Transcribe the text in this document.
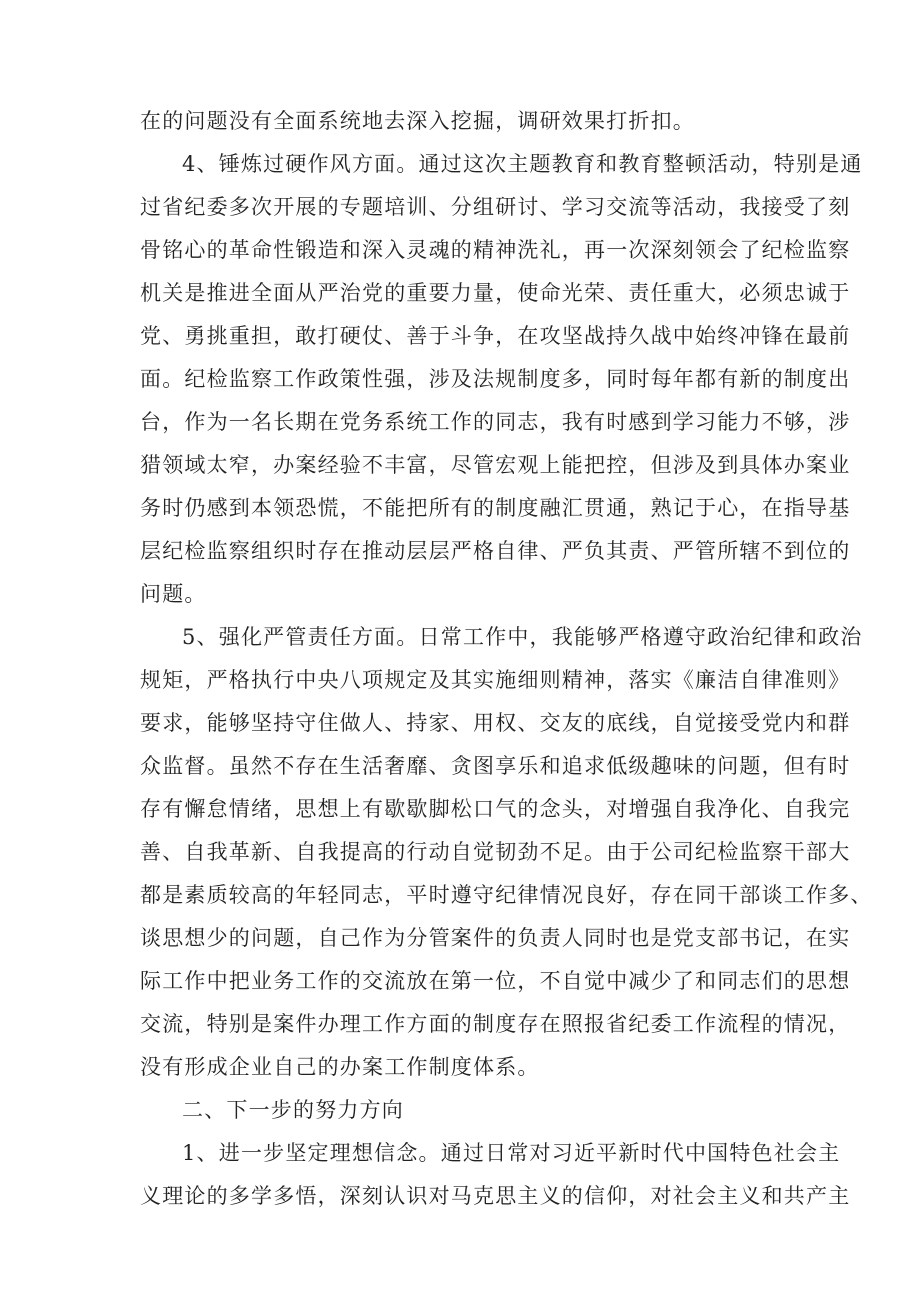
在的问题没有全面系统地去深入挖掘，调研效果打折扣。
4、锤炼过硬作风方面。通过这次主题教育和教育整顿活动，特别是通
过省纪委多次开展的专题培训、分组研讨、学习交流等活动，我接受了刻
骨铭心的革命性锻造和深入灵魂的精神洗礼，再一次深刻领会了纪检监察
机关是推进全面从严治党的重要力量，使命光荣、责任重大，必须忠诚于
党、勇挑重担，敢打硬仗、善于斗争，在攻坚战持久战中始终冲锋在最前
面。纪检监察工作政策性强，涉及法规制度多，同时每年都有新的制度出
台，作为一名长期在党务系统工作的同志，我有时感到学习能力不够，涉
猎领域太窄，办案经验不丰富，尽管宏观上能把控，但涉及到具体办案业
务时仍感到本领恐慌，不能把所有的制度融汇贯通，熟记于心，在指导基
层纪检监察组织时存在推动层层严格自律、严负其责、严管所辖不到位的
问题。
5、强化严管责任方面。日常工作中，我能够严格遵守政治纪律和政治
规矩，严格执行中央八项规定及其实施细则精神，落实《廉洁自律准则》
要求，能够坚持守住做人、持家、用权、交友的底线，自觉接受党内和群
众监督。虽然不存在生活奢靡、贪图享乐和追求低级趣味的问题，但有时
存有懈怠情绪，思想上有歇歇脚松口气的念头，对增强自我净化、自我完
善、自我革新、自我提高的行动自觉韧劲不足。由于公司纪检监察干部大
都是素质较高的年轻同志，平时遵守纪律情况良好，存在同干部谈工作多、
谈思想少的问题，自己作为分管案件的负责人同时也是党支部书记，在实
际工作中把业务工作的交流放在第一位，不自觉中减少了和同志们的思想
交流，特别是案件办理工作方面的制度存在照报省纪委工作流程的情况，
没有形成企业自己的办案工作制度体系。
二、下一步的努力方向
1、进一步坚定理想信念。通过日常对习近平新时代中国特色社会主
义理论的多学多悟，深刻认识对马克思主义的信仰，对社会主义和共产主
